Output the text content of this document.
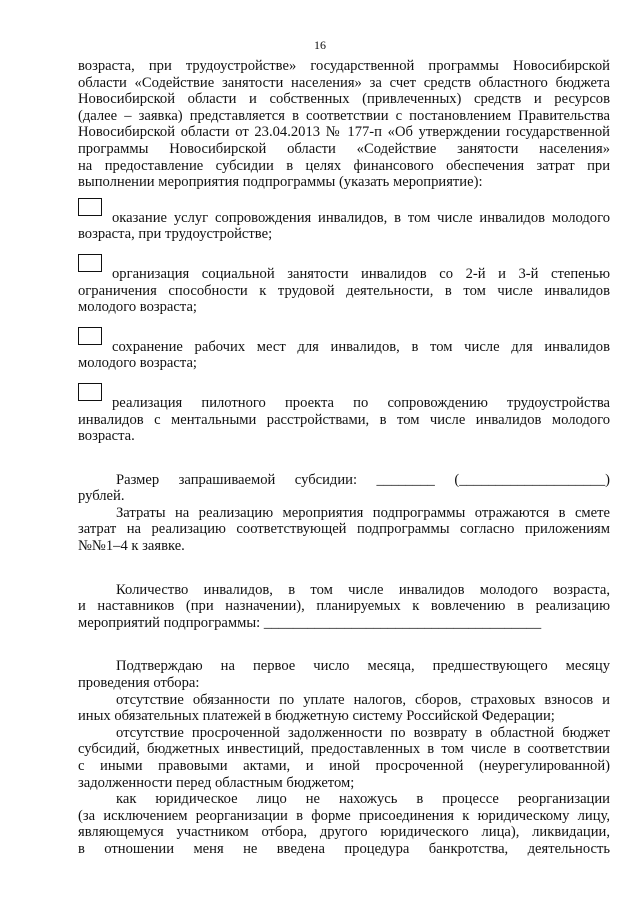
16
возраста, при трудоустройстве» государственной программы Новосибирской
области «Содействие занятости населения» за счет средств областного бюджета
Новосибирской области и собственных (привлеченных) средств и ресурсов
(далее – заявка) представляется в соответствии с постановлением Правительства
Новосибирской области от 23.04.2013 № 177-п «Об утверждении государственной
программы Новосибирской области «Содействие занятости населения»
на предоставление субсидии в целях финансового обеспечения затрат при
выполнении мероприятия подпрограммы (указать мероприятие):
оказание услуг сопровождения инвалидов, в том числе инвалидов молодого
возраста, при трудоустройстве;
организация социальной занятости инвалидов со 2-й и 3-й степенью
ограничения способности к трудовой деятельности, в том числе инвалидов
молодого возраста;
сохранение рабочих мест для инвалидов, в том числе для инвалидов
молодого возраста;
реализация пилотного проекта по сопровождению трудоустройства
инвалидов с ментальными расстройствами, в том числе инвалидов молодого
возраста.
Размер запрашиваемой субсидии: ________ (____________________)
рублей.
Затраты на реализацию мероприятия подпрограммы отражаются в смете
затрат на реализацию соответствующей подпрограммы согласно приложениям
№№1–4 к заявке.
Количество инвалидов, в том числе инвалидов молодого возраста,
и наставников (при назначении), планируемых к вовлечению в реализацию
мероприятий подпрограммы: ______________________________________
Подтверждаю на первое число месяца, предшествующего месяцу
проведения отбора:
отсутствие обязанности по уплате налогов, сборов, страховых взносов и
иных обязательных платежей в бюджетную систему Российской Федерации;
отсутствие просроченной задолженности по возврату в областной бюджет
субсидий, бюджетных инвестиций, предоставленных в том числе в соответствии
с иными правовыми актами, и иной просроченной (неурегулированной)
задолженности перед областным бюджетом;
как юридическое лицо не нахожусь в процессе реорганизации
(за исключением реорганизации в форме присоединения к юридическому лицу,
являющемуся участником отбора, другого юридического лица), ликвидации,
в отношении меня не введена процедура банкротства, деятельность
